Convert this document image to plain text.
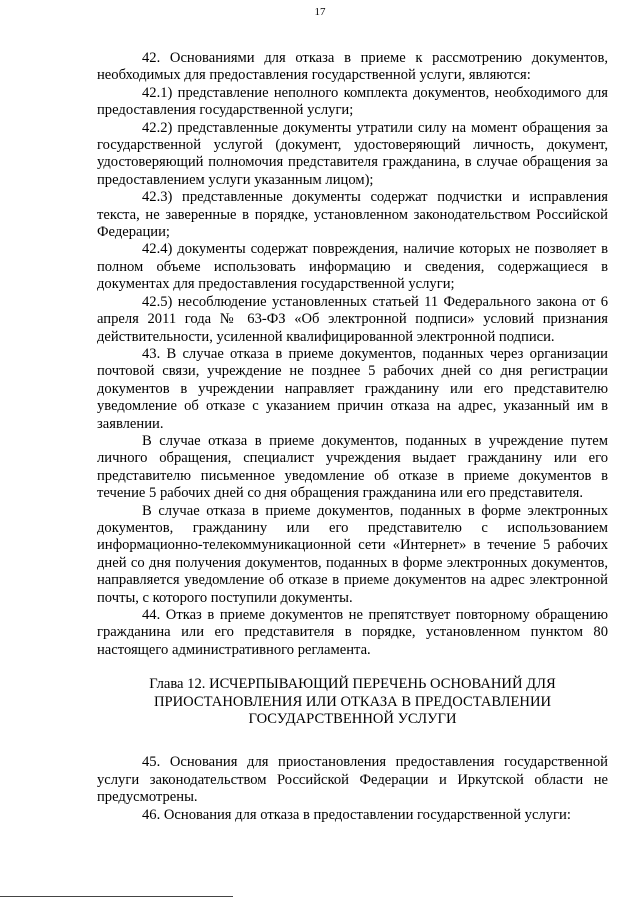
17

42. Основаниями для отказа в приеме к рассмотрению документов, необходимых для предоставления государственной услуги, являются:

42.1) представление неполного комплекта документов, необходимого для предоставления государственной услуги;

42.2) представленные документы утратили силу на момент обращения за государственной услугой (документ, удостоверяющий личность, документ, удостоверяющий полномочия представителя гражданина, в случае обращения за предоставлением услуги указанным лицом);

42.3) представленные документы содержат подчистки и исправления текста, не заверенные в порядке, установленном законодательством Российской Федерации;

42.4) документы содержат повреждения, наличие которых не позволяет в полном объеме использовать информацию и сведения, содержащиеся в документах для предоставления государственной услуги;

42.5) несоблюдение установленных статьей 11 Федерального закона от 6 апреля 2011 года № 63-ФЗ «Об электронной подписи» условий признания действительности, усиленной квалифицированной электронной подписи.

43. В случае отказа в приеме документов, поданных через организации почтовой связи, учреждение не позднее 5 рабочих дней со дня регистрации документов в учреждении направляет гражданину или его представителю уведомление об отказе с указанием причин отказа на адрес, указанный им в заявлении.

В случае отказа в приеме документов, поданных в учреждение путем личного обращения, специалист учреждения выдает гражданину или его представителю письменное уведомление об отказе в приеме документов в течение 5 рабочих дней со дня обращения гражданина или его представителя.

В случае отказа в приеме документов, поданных в форме электронных документов, гражданину или его представителю с использованием информационно-телекоммуникационной сети «Интернет» в течение 5 рабочих дней со дня получения документов, поданных в форме электронных документов, направляется уведомление об отказе в приеме документов на адрес электронной почты, с которого поступили документы.

44. Отказ в приеме документов не препятствует повторному обращению гражданина или его представителя в порядке, установленном пунктом 80 настоящего административного регламента.

Глава 12. ИСЧЕРПЫВАЮЩИЙ ПЕРЕЧЕНЬ ОСНОВАНИЙ ДЛЯ ПРИОСТАНОВЛЕНИЯ ИЛИ ОТКАЗА В ПРЕДОСТАВЛЕНИИ ГОСУДАРСТВЕННОЙ УСЛУГИ

45. Основания для приостановления предоставления государственной услуги законодательством Российской Федерации и Иркутской области не предусмотрены.

46. Основания для отказа в предоставлении государственной услуги:
